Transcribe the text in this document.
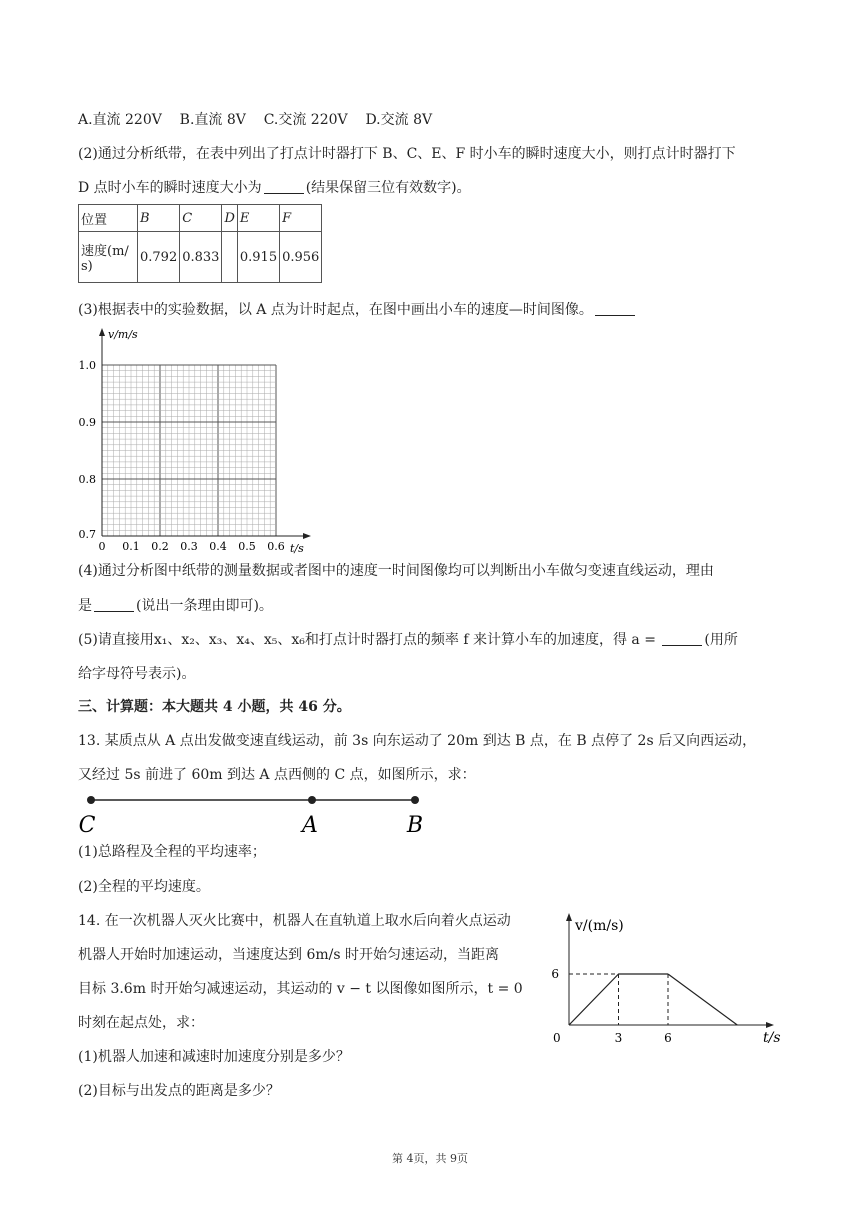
A.直流 220V B.直流 8V C.交流 220V D.交流 8V
(2)通过分析纸带，在表中列出了打点计时器打下 B、C、E、F 时小车的瞬时速度大小，则打点计时器打下
D 点时小车的瞬时速度大小为	(结果保留三位有效数字)。
位置	B	C	D	E	F

速度(m/
s)	0.792	0.833		0.915	0.956
(3)根据表中的实验数据，以 A 点为计时起点，在图中画出小车的速度—时间图像。
v/m/s
t/s
1.0
0.9
0.8
0.7
0 0.1 0.2 0.3 0.4 0.5 0.6
(4)通过分析图中纸带的测量数据或者图中的速度一时间图像均可以判断出小车做匀变速直线运动，理由
是	(说出一条理由即可)。
(5)请直接用x₁、x₂、x₃、x₄、x₅、x₆和打点计时器打点的频率 f 来计算小车的加速度，得 a =	(用所
给字母符号表示)。
三、计算题：本大题共 4 小题，共 46 分。
13. 某质点从 A 点出发做变速直线运动，前 3s 向东运动了 20m 到达 B 点，在 B 点停了 2s 后又向西运动，
又经过 5s 前进了 60m 到达 A 点西侧的 C 点，如图所示，求：
C	A	B
(1)总路程及全程的平均速率；
(2)全程的平均速度。
14. 在一次机器人灭火比赛中，机器人在直轨道上取水后向着火点运动
机器人开始时加速运动，当速度达到 6m/s 时开始匀速运动，当距离
目标 3.6m 时开始匀减速运动，其运动的 v − t 以图像如图所示，t = 0
时刻在起点处，求：
(1)机器人加速和减速时加速度分别是多少？
(2)目标与出发点的距离是多少？
v/(m/s)
t/s
0
6
3	6
第 4页，共 9页
